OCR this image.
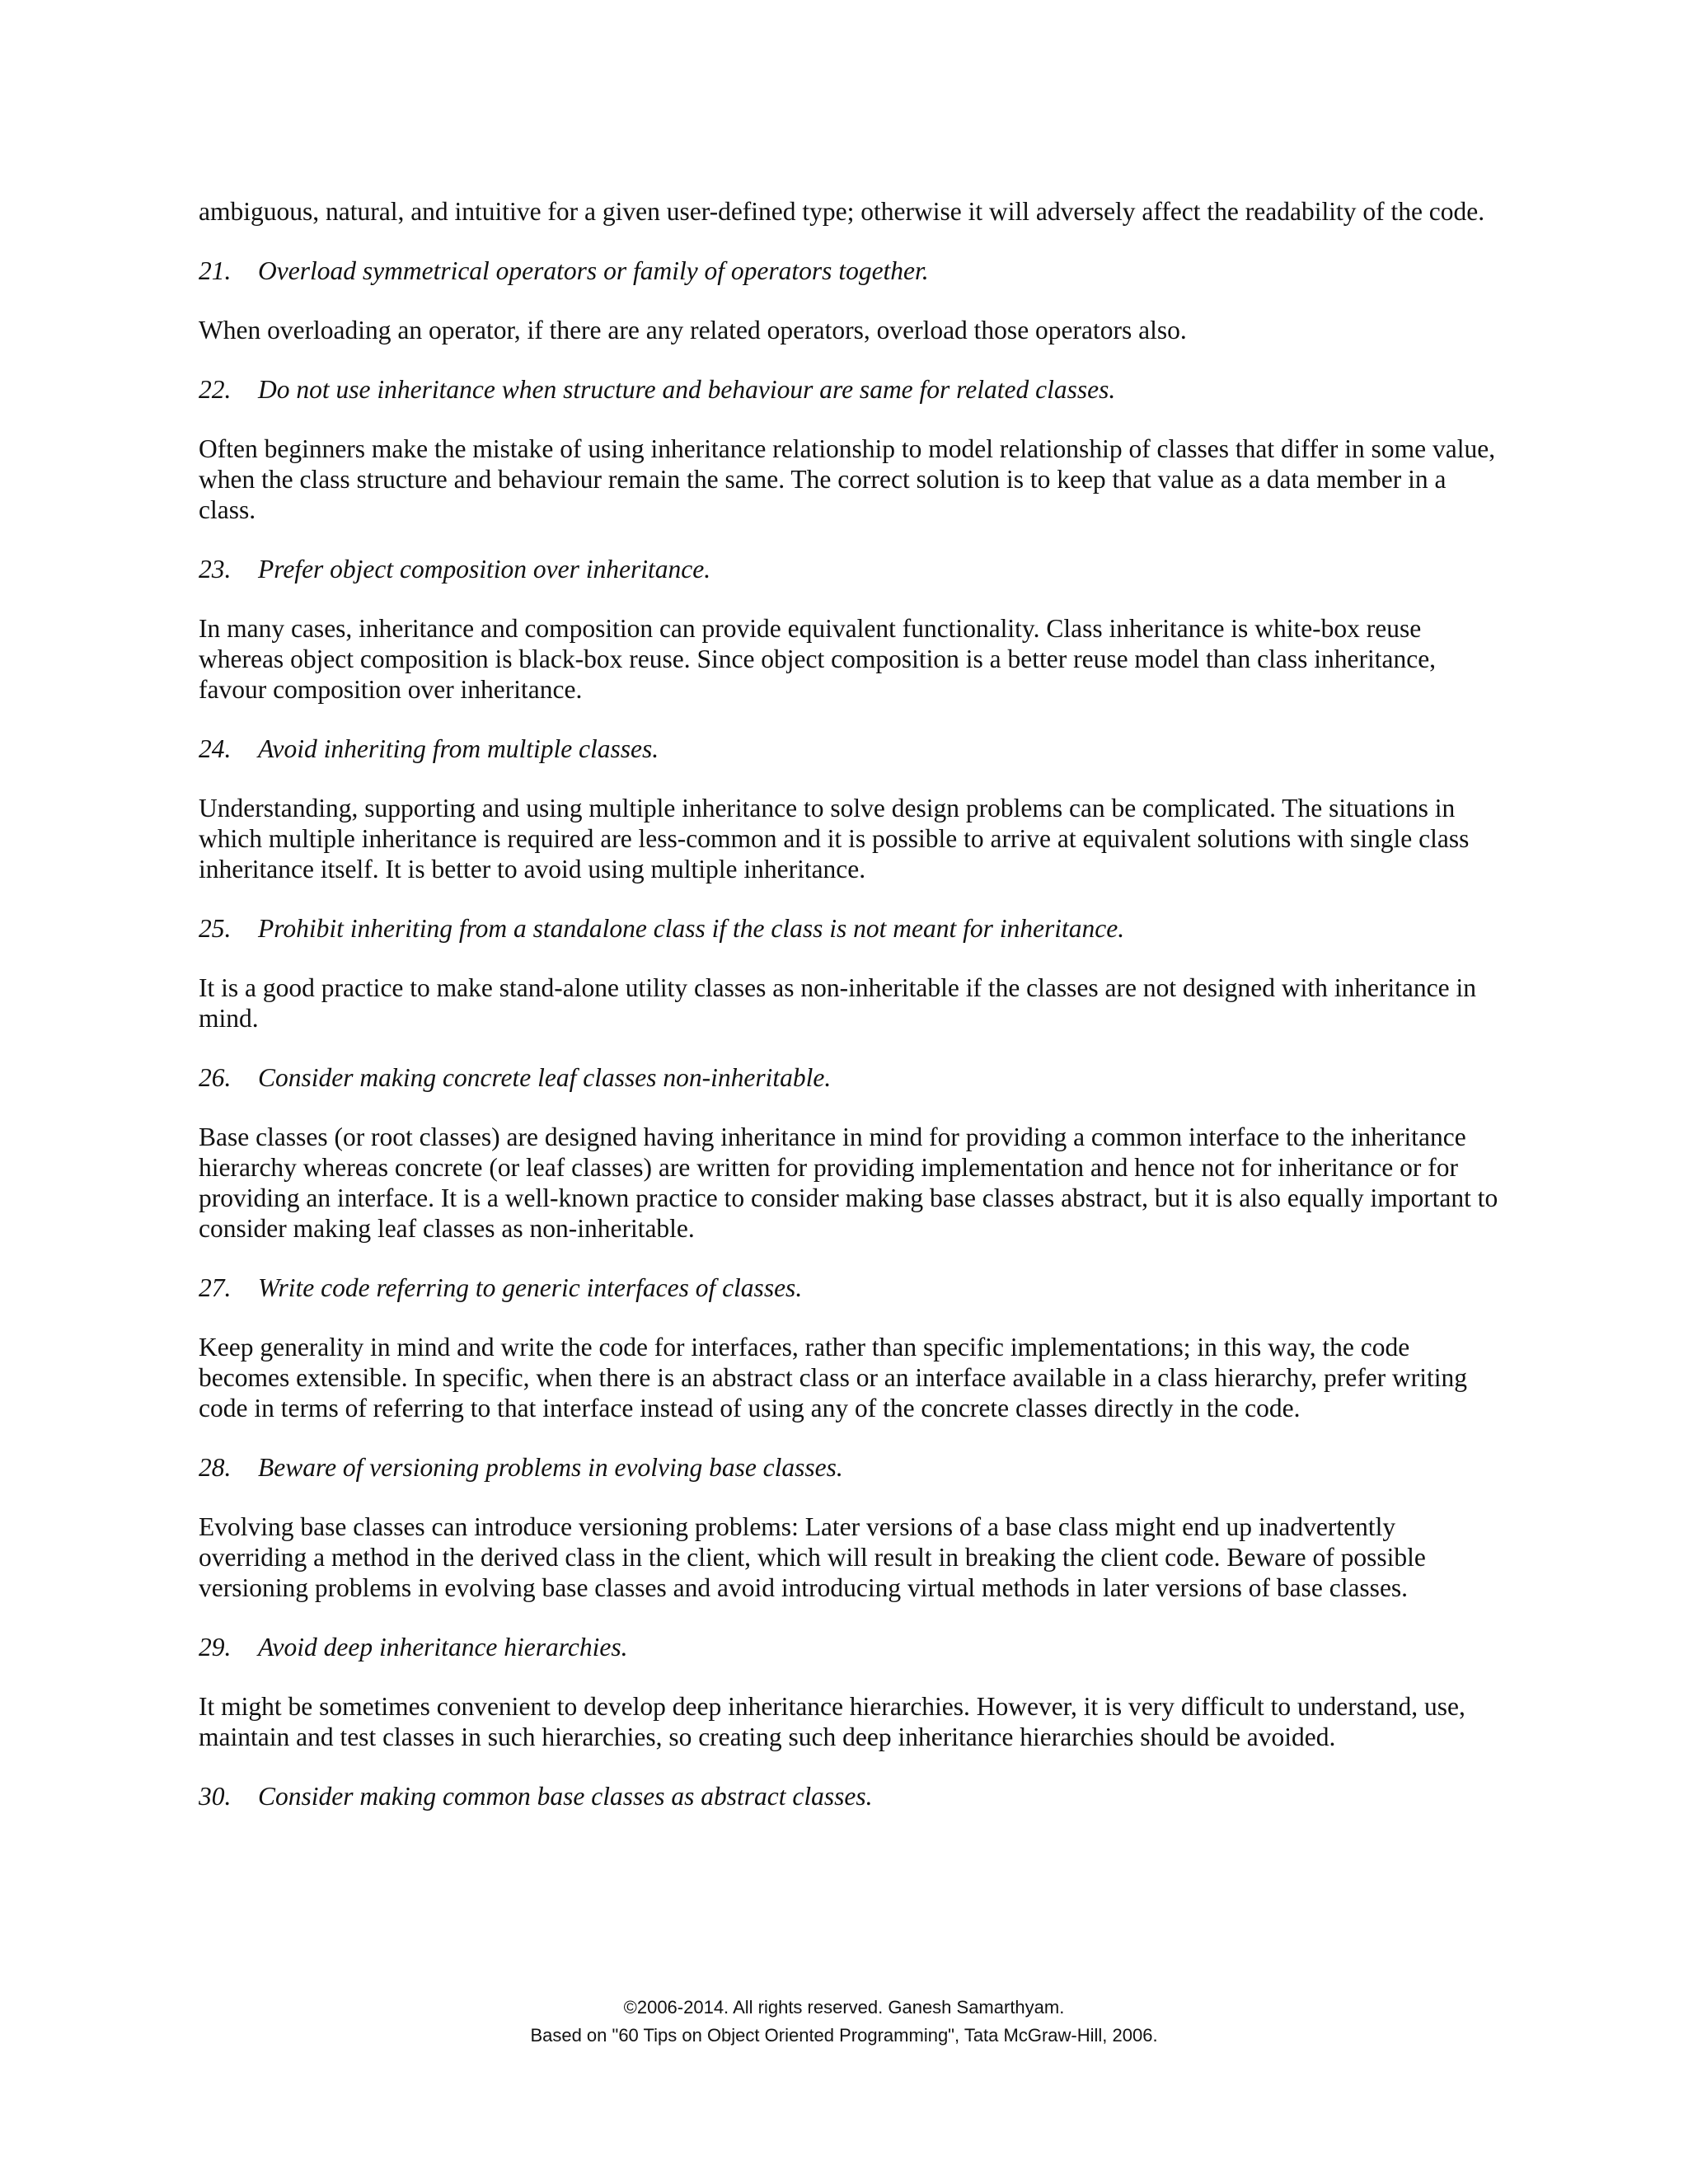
ambiguous, natural, and intuitive for a given user-defined type; otherwise it will adversely affect the readability of the code.

21.	Overload symmetrical operators or family of operators together.

When overloading an operator, if there are any related operators, overload those operators also.

22.	Do not use inheritance when structure and behaviour are same for related classes.

Often beginners make the mistake of using inheritance relationship to model relationship of classes that differ in some value, when the class structure and behaviour remain the same. The correct solution is to keep that value as a data member in a class.

23.	Prefer object composition over inheritance.

In many cases, inheritance and composition can provide equivalent functionality. Class inheritance is white-box reuse whereas object composition is black-box reuse. Since object composition is a better reuse model than class inheritance, favour composition over inheritance.

24.	Avoid inheriting from multiple classes.

Understanding, supporting and using multiple inheritance to solve design problems can be complicated. The situations in which multiple inheritance is required are less-common and it is possible to arrive at equivalent solutions with single class inheritance itself. It is better to avoid using multiple inheritance.

25.	Prohibit inheriting from a standalone class if the class is not meant for inheritance.

It is a good practice to make stand-alone utility classes as non-inheritable if the classes are not designed with inheritance in mind.

26.	Consider making concrete leaf classes non-inheritable.

Base classes (or root classes) are designed having inheritance in mind for providing a common interface to the inheritance hierarchy whereas concrete (or leaf classes) are written for providing implementation and hence not for inheritance or for providing an interface. It is a well-known practice to consider making base classes abstract, but it is also equally important to consider making leaf classes as non-inheritable.

27.	Write code referring to generic interfaces of classes.

Keep generality in mind and write the code for interfaces, rather than specific implementations; in this way, the code becomes extensible. In specific, when there is an abstract class or an interface available in a class hierarchy, prefer writing code in terms of referring to that interface instead of using any of the concrete classes directly in the code.

28.	Beware of versioning problems in evolving base classes.

Evolving base classes can introduce versioning problems: Later versions of a base class might end up inadvertently overriding a method in the derived class in the client, which will result in breaking the client code. Beware of possible versioning problems in evolving base classes and avoid introducing virtual methods in later versions of base classes.

29.	Avoid deep inheritance hierarchies.

It might be sometimes convenient to develop deep inheritance hierarchies. However, it is very difficult to understand, use, maintain and test classes in such hierarchies, so creating such deep inheritance hierarchies should be avoided.

30.	Consider making common base classes as abstract classes.

©2006-2014. All rights reserved. Ganesh Samarthyam.
Based on "60 Tips on Object Oriented Programming", Tata McGraw-Hill, 2006.
